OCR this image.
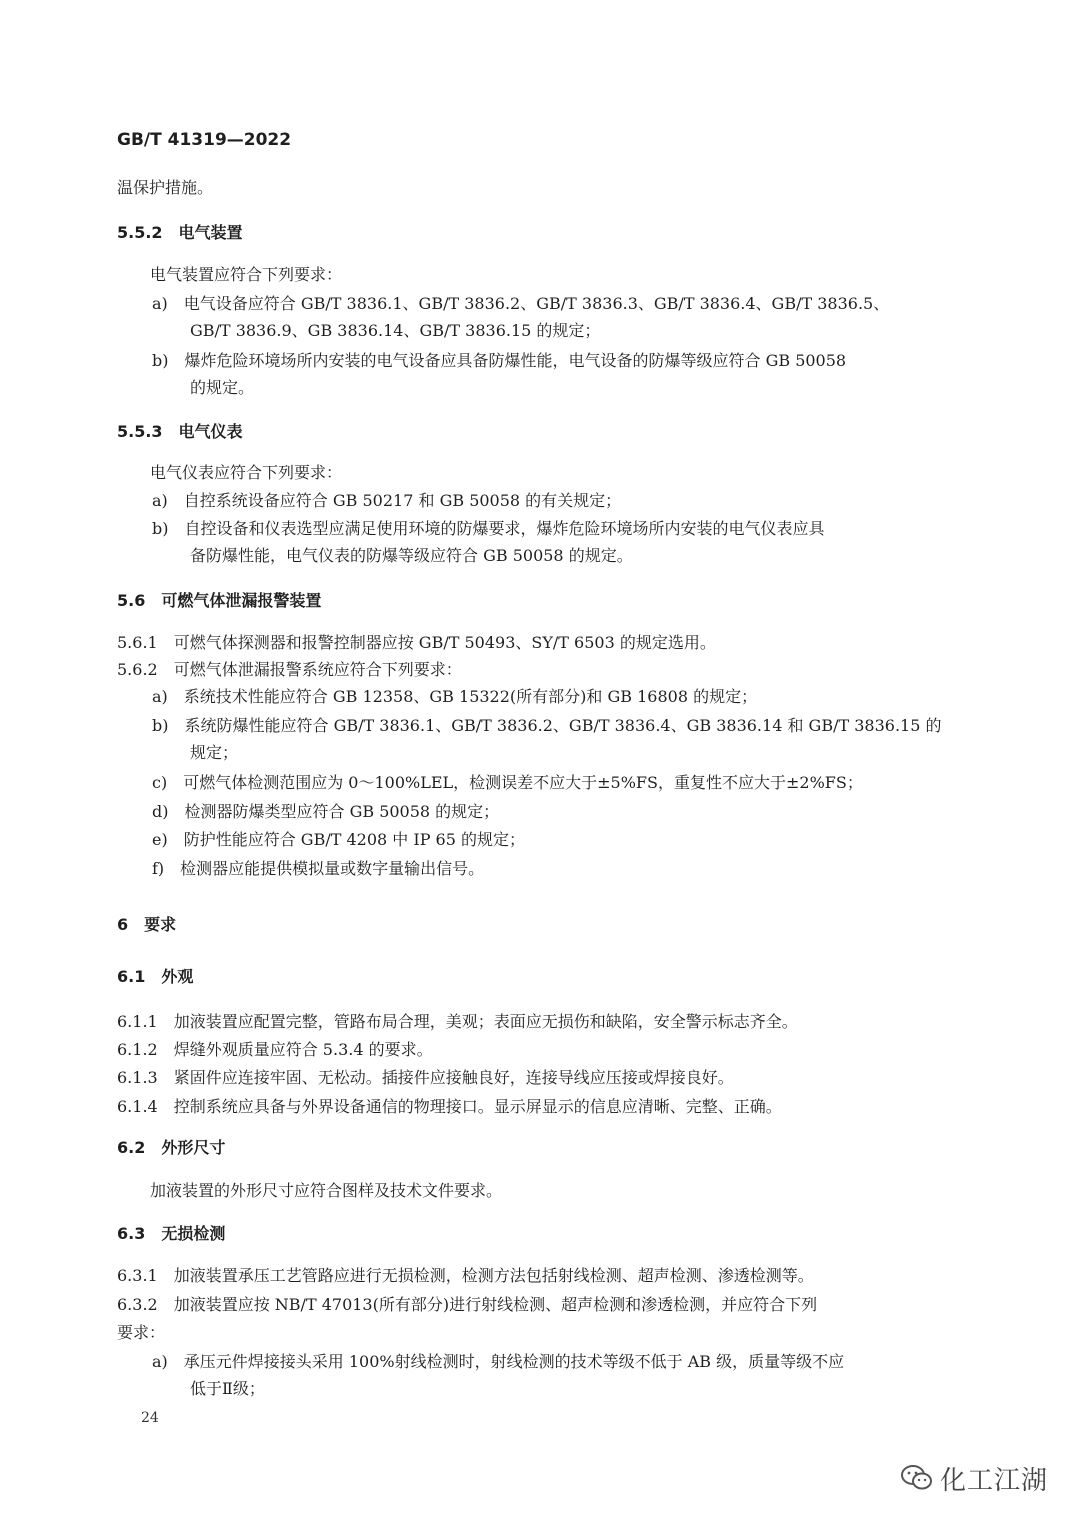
GB/T 41319—2022
温保护措施。
5.5.2　电气装置
电气装置应符合下列要求：
a)　电气设备应符合 GB/T 3836.1、GB/T 3836.2、GB/T 3836.3、GB/T 3836.4、GB/T 3836.5、
GB/T 3836.9、GB 3836.14、GB/T 3836.15 的规定；
b)　爆炸危险环境场所内安装的电气设备应具备防爆性能，电气设备的防爆等级应符合 GB 50058
的规定。
5.5.3　电气仪表
电气仪表应符合下列要求：
a)　自控系统设备应符合 GB 50217 和 GB 50058 的有关规定；
b)　自控设备和仪表选型应满足使用环境的防爆要求，爆炸危险环境场所内安装的电气仪表应具
备防爆性能，电气仪表的防爆等级应符合 GB 50058 的规定。
5.6　可燃气体泄漏报警装置
5.6.1　可燃气体探测器和报警控制器应按 GB/T 50493、SY/T 6503 的规定选用。
5.6.2　可燃气体泄漏报警系统应符合下列要求：
a)　系统技术性能应符合 GB 12358、GB 15322(所有部分)和 GB 16808 的规定；
b)　系统防爆性能应符合 GB/T 3836.1、GB/T 3836.2、GB/T 3836.4、GB 3836.14 和 GB/T 3836.15 的
规定；
c)　可燃气体检测范围应为 0～100%LEL，检测误差不应大于±5%FS，重复性不应大于±2%FS；
d)　检测器防爆类型应符合 GB 50058 的规定；
e)　防护性能应符合 GB/T 4208 中 IP 65 的规定；
f)　检测器应能提供模拟量或数字量输出信号。
6　要求
6.1　外观
6.1.1　加液装置应配置完整，管路布局合理，美观；表面应无损伤和缺陷，安全警示标志齐全。
6.1.2　焊缝外观质量应符合 5.3.4 的要求。
6.1.3　紧固件应连接牢固、无松动。插接件应接触良好，连接导线应压接或焊接良好。
6.1.4　控制系统应具备与外界设备通信的物理接口。显示屏显示的信息应清晰、完整、正确。
6.2　外形尺寸
加液装置的外形尺寸应符合图样及技术文件要求。
6.3　无损检测
6.3.1　加液装置承压工艺管路应进行无损检测，检测方法包括射线检测、超声检测、渗透检测等。
6.3.2　加液装置应按 NB/T 47013(所有部分)进行射线检测、超声检测和渗透检测，并应符合下列
要求：
a)　承压元件焊接接头采用 100%射线检测时，射线检测的技术等级不低于 AB 级，质量等级不应
低于Ⅱ级；
24
化工江湖
